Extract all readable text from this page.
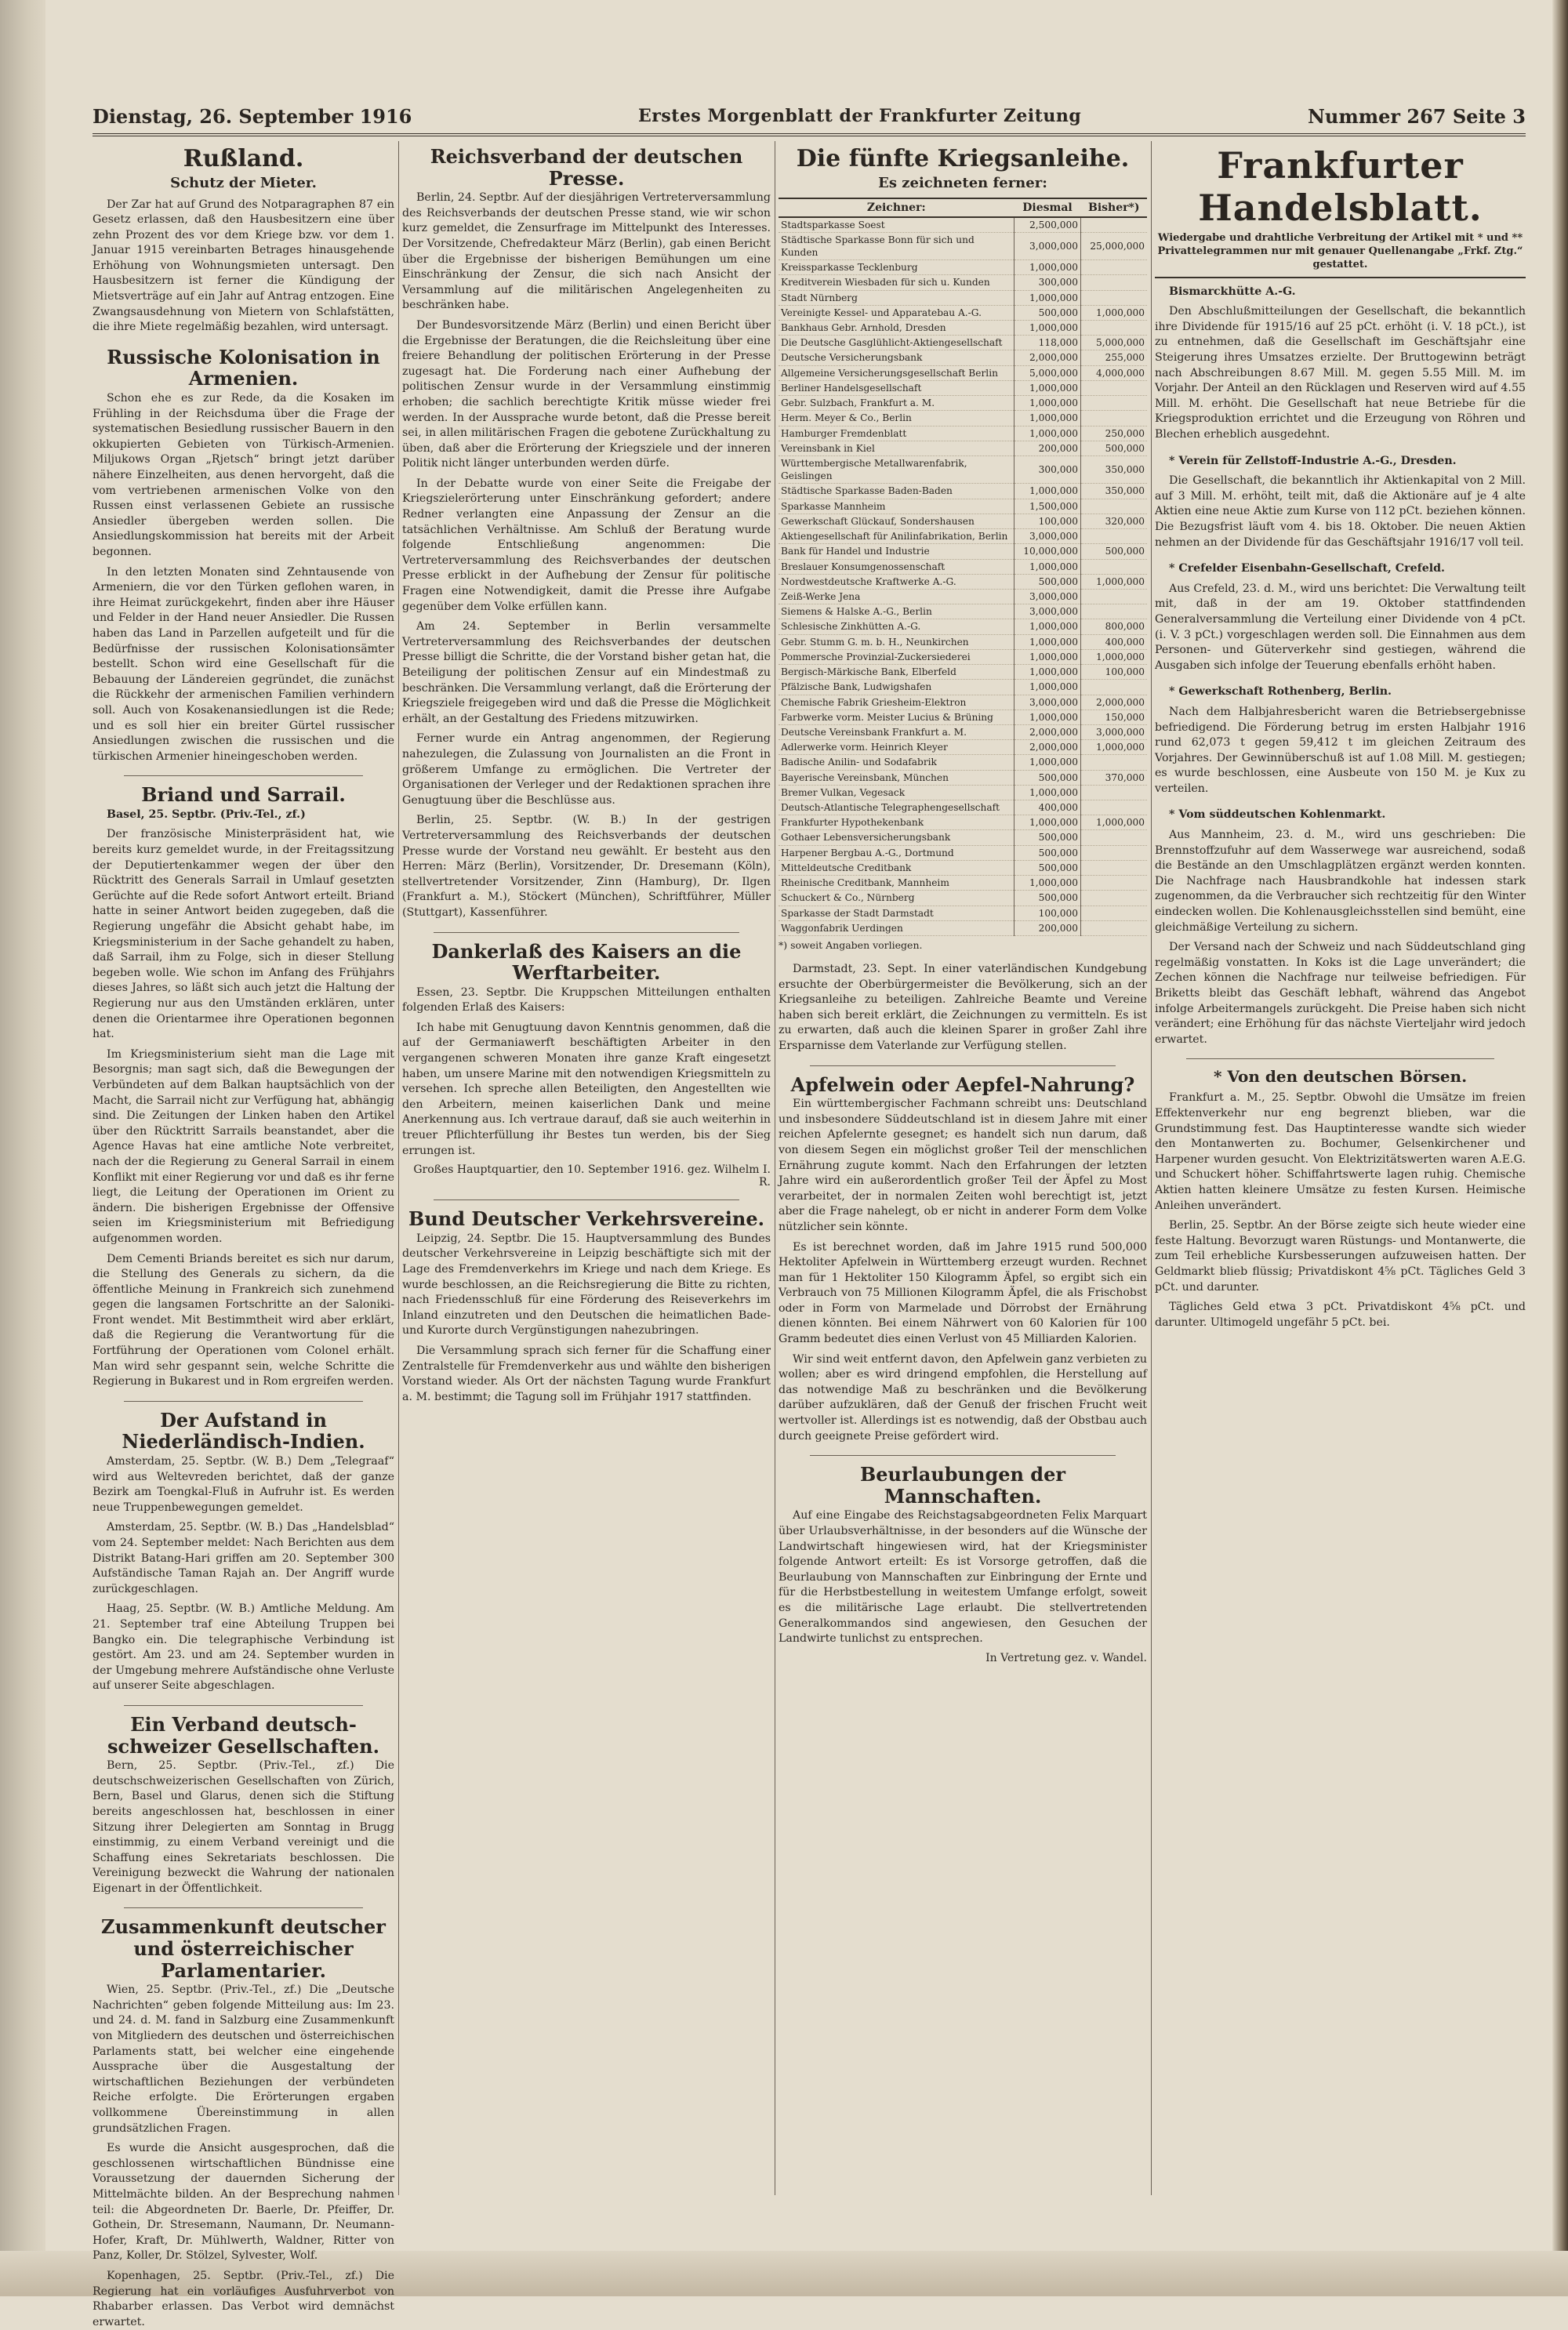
Dienstag, 26. September 1916	Erstes Morgenblatt der Frankfurter Zeitung	Nummer 267 Seite 3
Rußland.
Schutz der Mieter.

Der Zar hat auf Grund des Notparagraphen 87 ein Gesetz erlassen, daß den Hausbesitzern eine über zehn Prozent des vor dem Kriege bzw. vor dem 1. Januar 1915 vereinbarten Betrages hinausgehende Erhöhung von Wohnungsmieten untersagt. Den Hausbesitzern ist ferner die Kündigung der Mietsverträge auf ein Jahr auf Antrag entzogen. Eine Zwangsausdehnung von Mietern von Schlafstätten, die ihre Miete regelmäßig bezahlen, wird untersagt.

Russische Kolonisation in Armenien.

Schon ehe es zur Rede, da die Kosaken im Frühling in der Reichsduma über die Frage der systematischen Besiedlung russischer Bauern in den okkupierten Gebieten von Türkisch-Armenien. Miljukows Organ „Rjetsch“ bringt jetzt darüber nähere Einzelheiten, aus denen hervorgeht, daß die vom vertriebenen armenischen Volke von den Russen einst verlassenen Gebiete an russische Ansiedler übergeben werden sollen. Die Ansiedlungskommission hat bereits mit der Arbeit begonnen.

In den letzten Monaten sind Zehntausende von Armeniern, die vor den Türken geflohen waren, in ihre Heimat zurückgekehrt, finden aber ihre Häuser und Felder in der Hand neuer Ansiedler. Die Russen haben das Land in Parzellen aufgeteilt und für die Bedürfnisse der russischen Kolonisationsämter bestellt. Schon wird eine Gesellschaft für die Bebauung der Ländereien gegründet, die zunächst die Rückkehr der armenischen Familien verhindern soll. Auch von Kosakenansiedlungen ist die Rede; und es soll hier ein breiter Gürtel russischer Ansiedlungen zwischen die russischen und die türkischen Armenier hineingeschoben werden.

Briand und Sarrail.

Basel, 25. Septbr. (Priv.-Tel., zf.)

Der französische Ministerpräsident hat, wie bereits kurz gemeldet wurde, in der Freitagssitzung der Deputiertenkammer wegen der über den Rücktritt des Generals Sarrail in Umlauf gesetzten Gerüchte auf die Rede sofort Antwort erteilt. Briand hatte in seiner Antwort beiden zugegeben, daß die Regierung ungefähr die Absicht gehabt habe, im Kriegsministerium in der Sache gehandelt zu haben, daß Sarrail, ihm zu Folge, sich in dieser Stellung begeben wolle. Wie schon im Anfang des Frühjahrs dieses Jahres, so läßt sich auch jetzt die Haltung der Regierung nur aus den Umständen erklären, unter denen die Orientarmee ihre Operationen begonnen hat.

Im Kriegsministerium sieht man die Lage mit Besorgnis; man sagt sich, daß die Bewegungen der Verbündeten auf dem Balkan hauptsächlich von der Macht, die Sarrail nicht zur Verfügung hat, abhängig sind. Die Zeitungen der Linken haben den Artikel über den Rücktritt Sarrails beanstandet, aber die Agence Havas hat eine amtliche Note verbreitet, nach der die Regierung zu General Sarrail in einem Konflikt mit einer Regierung vor und daß es ihr ferne liegt, die Leitung der Operationen im Orient zu ändern. Die bisherigen Ergebnisse der Offensive seien im Kriegsministerium mit Befriedigung aufgenommen worden.

Dem Cementi Briands bereitet es sich nur darum, die Stellung des Generals zu sichern, da die öffentliche Meinung in Frankreich sich zunehmend gegen die langsamen Fortschritte an der Saloniki-Front wendet. Mit Bestimmtheit wird aber erklärt, daß die Regierung die Verantwortung für die Fortführung der Operationen vom Colonel erhält. Man wird sehr gespannt sein, welche Schritte die Regierung in Bukarest und in Rom ergreifen werden.

Der Aufstand in Niederländisch-Indien.

Amsterdam, 25. Septbr. (W. B.) Dem „Telegraaf“ wird aus Weltevreden berichtet, daß der ganze Bezirk am Toengkal-Fluß in Aufruhr ist. Es werden neue Truppenbewegungen gemeldet.

Amsterdam, 25. Septbr. (W. B.) Das „Handelsblad“ vom 24. September meldet: Nach Berichten aus dem Distrikt Batang-Hari griffen am 20. September 300 Aufständische Taman Rajah an. Der Angriff wurde zurückgeschlagen.

Haag, 25. Septbr. (W. B.) Amtliche Meldung. Am 21. September traf eine Abteilung Truppen bei Bangko ein. Die telegraphische Verbindung ist gestört. Am 23. und am 24. September wurden in der Umgebung mehrere Aufständische ohne Verluste auf unserer Seite abgeschlagen.

Ein Verband deutsch-schweizer Gesellschaften.

Bern, 25. Septbr. (Priv.-Tel., zf.) Die deutschschweizerischen Gesellschaften von Zürich, Bern, Basel und Glarus, denen sich die Stiftung bereits angeschlossen hat, beschlossen in einer Sitzung ihrer Delegierten am Sonntag in Brugg einstimmig, zu einem Verband vereinigt und die Schaffung eines Sekretariats beschlossen. Die Vereinigung bezweckt die Wahrung der nationalen Eigenart in der Öffentlichkeit.

Zusammenkunft deutscher und österreichischer Parlamentarier.

Wien, 25. Septbr. (Priv.-Tel., zf.) Die „Deutsche Nachrichten“ geben folgende Mitteilung aus: Im 23. und 24. d. M. fand in Salzburg eine Zusammenkunft von Mitgliedern des deutschen und österreichischen Parlaments statt, bei welcher eine eingehende Aussprache über die Ausgestaltung der wirtschaftlichen Beziehungen der verbündeten Reiche erfolgte. Die Erörterungen ergaben vollkommene Übereinstimmung in allen grundsätzlichen Fragen.

Es wurde die Ansicht ausgesprochen, daß die geschlossenen wirtschaftlichen Bündnisse eine Voraussetzung der dauernden Sicherung der Mittelmächte bilden. An der Besprechung nahmen teil: die Abgeordneten Dr. Baerle, Dr. Pfeiffer, Dr. Gothein, Dr. Stresemann, Naumann, Dr. Neumann-Hofer, Kraft, Dr. Mühlwerth, Waldner, Ritter von Panz, Koller, Dr. Stölzel, Sylvester, Wolf.

Kopenhagen, 25. Septbr. (Priv.-Tel., zf.) Die Regierung hat ein vorläufiges Ausfuhrverbot von Rhabarber erlassen. Das Verbot wird demnächst erwartet.

Reichsverband der deutschen Presse.

Berlin, 24. Septbr. Auf der diesjährigen Vertreterversammlung des Reichsverbands der deutschen Presse stand, wie wir schon kurz gemeldet, die Zensurfrage im Mittelpunkt des Interesses. Der Vorsitzende, Chefredakteur März (Berlin), gab einen Bericht über die Ergebnisse der bisherigen Bemühungen um eine Einschränkung der Zensur, die sich nach Ansicht der Versammlung auf die militärischen Angelegenheiten zu beschränken habe.

Der Bundesvorsitzende März (Berlin) und einen Bericht über die Ergebnisse der Beratungen, die die Reichsleitung über eine freiere Behandlung der politischen Erörterung in der Presse zugesagt hat. Die Forderung nach einer Aufhebung der politischen Zensur wurde in der Versammlung einstimmig erhoben; die sachlich berechtigte Kritik müsse wieder frei werden. In der Aussprache wurde betont, daß die Presse bereit sei, in allen militärischen Fragen die gebotene Zurückhaltung zu üben, daß aber die Erörterung der Kriegsziele und der inneren Politik nicht länger unterbunden werden dürfe.

In der Debatte wurde von einer Seite die Freigabe der Kriegszielerörterung unter Einschränkung gefordert; andere Redner verlangten eine Anpassung der Zensur an die tatsächlichen Verhältnisse. Am Schluß der Beratung wurde folgende Entschließung angenommen: Die Vertreterversammlung des Reichsverbandes der deutschen Presse erblickt in der Aufhebung der Zensur für politische Fragen eine Notwendigkeit, damit die Presse ihre Aufgabe gegenüber dem Volke erfüllen kann.

Am 24. September in Berlin versammelte Vertreterversammlung des Reichsverbandes der deutschen Presse billigt die Schritte, die der Vorstand bisher getan hat, die Beteiligung der politischen Zensur auf ein Mindestmaß zu beschränken. Die Versammlung verlangt, daß die Erörterung der Kriegsziele freigegeben wird und daß die Presse die Möglichkeit erhält, an der Gestaltung des Friedens mitzuwirken.

Ferner wurde ein Antrag angenommen, der Regierung nahezulegen, die Zulassung von Journalisten an die Front in größerem Umfange zu ermöglichen. Die Vertreter der Organisationen der Verleger und der Redaktionen sprachen ihre Genugtuung über die Beschlüsse aus.

Berlin, 25. Septbr. (W. B.) In der gestrigen Vertreterversammlung des Reichsverbands der deutschen Presse wurde der Vorstand neu gewählt. Er besteht aus den Herren: März (Berlin), Vorsitzender, Dr. Dresemann (Köln), stellvertretender Vorsitzender, Zinn (Hamburg), Dr. Ilgen (Frankfurt a. M.), Stöckert (München), Schriftführer, Müller (Stuttgart), Kassenführer.

Dankerlaß des Kaisers an die Werftarbeiter.

Essen, 23. Septbr. Die Kruppschen Mitteilungen enthalten folgenden Erlaß des Kaisers:

Ich habe mit Genugtuung davon Kenntnis genommen, daß die auf der Germaniawerft beschäftigten Arbeiter in den vergangenen schweren Monaten ihre ganze Kraft eingesetzt haben, um unsere Marine mit den notwendigen Kriegsmitteln zu versehen. Ich spreche allen Beteiligten, den Angestellten wie den Arbeitern, meinen kaiserlichen Dank und meine Anerkennung aus. Ich vertraue darauf, daß sie auch weiterhin in treuer Pflichterfüllung ihr Bestes tun werden, bis der Sieg errungen ist.

Großes Hauptquartier, den 10. September 1916. gez. Wilhelm I. R.
Bund Deutscher Verkehrsvereine.

Leipzig, 24. Septbr. Die 15. Hauptversammlung des Bundes deutscher Verkehrsvereine in Leipzig beschäftigte sich mit der Lage des Fremdenverkehrs im Kriege und nach dem Kriege. Es wurde beschlossen, an die Reichsregierung die Bitte zu richten, nach Friedensschluß für eine Förderung des Reiseverkehrs im Inland einzutreten und den Deutschen die heimatlichen Bade- und Kurorte durch Vergünstigungen nahezubringen.

Die Versammlung sprach sich ferner für die Schaffung einer Zentralstelle für Fremdenverkehr aus und wählte den bisherigen Vorstand wieder. Als Ort der nächsten Tagung wurde Frankfurt a. M. bestimmt; die Tagung soll im Frühjahr 1917 stattfinden.

Die fünfte Kriegsanleihe.
Es zeichneten ferner:
Zeichner:	Diesmal	Bisher*)
Stadtsparkasse Soest	2,500,000	
Städtische Sparkasse Bonn für sich und Kunden	3,000,000	25,000,000
Kreissparkasse Tecklenburg	1,000,000	
Kreditverein Wiesbaden für sich u. Kunden	300,000	
Stadt Nürnberg	1,000,000	
Vereinigte Kessel- und Apparatebau A.-G.	500,000	1,000,000
Bankhaus Gebr. Arnhold, Dresden	1,000,000	
Die Deutsche Gasglühlicht-Aktiengesellschaft	118,000	5,000,000
Deutsche Versicherungsbank	2,000,000	255,000
Allgemeine Versicherungsgesellschaft Berlin	5,000,000	4,000,000
Berliner Handelsgesellschaft	1,000,000	
Gebr. Sulzbach, Frankfurt a. M.	1,000,000	
Herm. Meyer & Co., Berlin	1,000,000	
Hamburger Fremdenblatt	1,000,000	250,000
Vereinsbank in Kiel	200,000	500,000
Württembergische Metallwarenfabrik, Geislingen	300,000	350,000
Städtische Sparkasse Baden-Baden	1,000,000	350,000
Sparkasse Mannheim	1,500,000	
Gewerkschaft Glückauf, Sondershausen	100,000	320,000
Aktiengesellschaft für Anilinfabrikation, Berlin	3,000,000	
Bank für Handel und Industrie	10,000,000	500,000
Breslauer Konsumgenossenschaft	1,000,000	
Nordwestdeutsche Kraftwerke A.-G.	500,000	1,000,000
Zeiß-Werke Jena	3,000,000	
Siemens & Halske A.-G., Berlin	3,000,000	
Schlesische Zinkhütten A.-G.	1,000,000	800,000
Gebr. Stumm G. m. b. H., Neunkirchen	1,000,000	400,000
Pommersche Provinzial-Zuckersiederei	1,000,000	1,000,000
Bergisch-Märkische Bank, Elberfeld	1,000,000	100,000
Pfälzische Bank, Ludwigshafen	1,000,000	
Chemische Fabrik Griesheim-Elektron	3,000,000	2,000,000
Farbwerke vorm. Meister Lucius & Brüning	1,000,000	150,000
Deutsche Vereinsbank Frankfurt a. M.	2,000,000	3,000,000
Adlerwerke vorm. Heinrich Kleyer	2,000,000	1,000,000
Badische Anilin- und Sodafabrik	1,000,000	
Bayerische Vereinsbank, München	500,000	370,000
Bremer Vulkan, Vegesack	1,000,000	
Deutsch-Atlantische Telegraphengesellschaft	400,000	
Frankfurter Hypothekenbank	1,000,000	1,000,000
Gothaer Lebensversicherungsbank	500,000	
Harpener Bergbau A.-G., Dortmund	500,000	
Mitteldeutsche Creditbank	500,000	
Rheinische Creditbank, Mannheim	1,000,000	
Schuckert & Co., Nürnberg	500,000	
Sparkasse der Stadt Darmstadt	100,000	
Waggonfabrik Uerdingen	200,000	
*) soweit Angaben vorliegen.

Darmstadt, 23. Sept. In einer vaterländischen Kundgebung ersuchte der Oberbürgermeister die Bevölkerung, sich an der Kriegsanleihe zu beteiligen. Zahlreiche Beamte und Vereine haben sich bereit erklärt, die Zeichnungen zu vermitteln. Es ist zu erwarten, daß auch die kleinen Sparer in großer Zahl ihre Ersparnisse dem Vaterlande zur Verfügung stellen.

Apfelwein oder Aepfel-Nahrung?

Ein württembergischer Fachmann schreibt uns: Deutschland und insbesondere Süddeutschland ist in diesem Jahre mit einer reichen Apfelernte gesegnet; es handelt sich nun darum, daß von diesem Segen ein möglichst großer Teil der menschlichen Ernährung zugute kommt. Nach den Erfahrungen der letzten Jahre wird ein außerordentlich großer Teil der Äpfel zu Most verarbeitet, der in normalen Zeiten wohl berechtigt ist, jetzt aber die Frage nahelegt, ob er nicht in anderer Form dem Volke nützlicher sein könnte.

Es ist berechnet worden, daß im Jahre 1915 rund 500,000 Hektoliter Apfelwein in Württemberg erzeugt wurden. Rechnet man für 1 Hektoliter 150 Kilogramm Äpfel, so ergibt sich ein Verbrauch von 75 Millionen Kilogramm Äpfel, die als Frischobst oder in Form von Marmelade und Dörrobst der Ernährung dienen könnten. Bei einem Nährwert von 60 Kalorien für 100 Gramm bedeutet dies einen Verlust von 45 Milliarden Kalorien.

Wir sind weit entfernt davon, den Apfelwein ganz verbieten zu wollen; aber es wird dringend empfohlen, die Herstellung auf das notwendige Maß zu beschränken und die Bevölkerung darüber aufzuklären, daß der Genuß der frischen Frucht weit wertvoller ist. Allerdings ist es notwendig, daß der Obstbau auch durch geeignete Preise gefördert wird.

Beurlaubungen der Mannschaften.

Auf eine Eingabe des Reichstagsabgeordneten Felix Marquart über Urlaubsverhältnisse, in der besonders auf die Wünsche der Landwirtschaft hingewiesen wird, hat der Kriegsminister folgende Antwort erteilt: Es ist Vorsorge getroffen, daß die Beurlaubung von Mannschaften zur Einbringung der Ernte und für die Herbstbestellung in weitestem Umfange erfolgt, soweit es die militärische Lage erlaubt. Die stellvertretenden Generalkommandos sind angewiesen, den Gesuchen der Landwirte tunlichst zu entsprechen.

In Vertretung gez. v. Wandel.
Frankfurter Handelsblatt.
Wiedergabe und drahtliche Verbreitung der Artikel mit * und ** Privattelegrammen nur mit genauer Quellenangabe „Frkf. Ztg.“ gestattet.

Bismarckhütte A.-G.

Den Abschlußmitteilungen der Gesellschaft, die bekanntlich ihre Dividende für 1915/16 auf 25 pCt. erhöht (i. V. 18 pCt.), ist zu entnehmen, daß die Gesellschaft im Geschäftsjahr eine Steigerung ihres Umsatzes erzielte. Der Bruttogewinn beträgt nach Abschreibungen 8.67 Mill. M. gegen 5.55 Mill. M. im Vorjahr. Der Anteil an den Rücklagen und Reserven wird auf 4.55 Mill. M. erhöht. Die Gesellschaft hat neue Betriebe für die Kriegsproduktion errichtet und die Erzeugung von Röhren und Blechen erheblich ausgedehnt.

* Verein für Zellstoff-Industrie A.-G., Dresden.

Die Gesellschaft, die bekanntlich ihr Aktienkapital von 2 Mill. auf 3 Mill. M. erhöht, teilt mit, daß die Aktionäre auf je 4 alte Aktien eine neue Aktie zum Kurse von 112 pCt. beziehen können. Die Bezugsfrist läuft vom 4. bis 18. Oktober. Die neuen Aktien nehmen an der Dividende für das Geschäftsjahr 1916/17 voll teil.

* Crefelder Eisenbahn-Gesellschaft, Crefeld.

Aus Crefeld, 23. d. M., wird uns berichtet: Die Verwaltung teilt mit, daß in der am 19. Oktober stattfindenden Generalversammlung die Verteilung einer Dividende von 4 pCt. (i. V. 3 pCt.) vorgeschlagen werden soll. Die Einnahmen aus dem Personen- und Güterverkehr sind gestiegen, während die Ausgaben sich infolge der Teuerung ebenfalls erhöht haben.

* Gewerkschaft Rothenberg, Berlin.

Nach dem Halbjahresbericht waren die Betriebsergebnisse befriedigend. Die Förderung betrug im ersten Halbjahr 1916 rund 62,073 t gegen 59,412 t im gleichen Zeitraum des Vorjahres. Der Gewinnüberschuß ist auf 1.08 Mill. M. gestiegen; es wurde beschlossen, eine Ausbeute von 150 M. je Kux zu verteilen.

* Vom süddeutschen Kohlenmarkt.

Aus Mannheim, 23. d. M., wird uns geschrieben: Die Brennstoffzufuhr auf dem Wasserwege war ausreichend, sodaß die Bestände an den Umschlagplätzen ergänzt werden konnten. Die Nachfrage nach Hausbrandkohle hat indessen stark zugenommen, da die Verbraucher sich rechtzeitig für den Winter eindecken wollen. Die Kohlenausgleichsstellen sind bemüht, eine gleichmäßige Verteilung zu sichern.

Der Versand nach der Schweiz und nach Süddeutschland ging regelmäßig vonstatten. In Koks ist die Lage unverändert; die Zechen können die Nachfrage nur teilweise befriedigen. Für Briketts bleibt das Geschäft lebhaft, während das Angebot infolge Arbeitermangels zurückgeht. Die Preise haben sich nicht verändert; eine Erhöhung für das nächste Vierteljahr wird jedoch erwartet.

* Von den deutschen Börsen.

Frankfurt a. M., 25. Septbr. Obwohl die Umsätze im freien Effektenverkehr nur eng begrenzt blieben, war die Grundstimmung fest. Das Hauptinteresse wandte sich wieder den Montanwerten zu. Bochumer, Gelsenkirchener und Harpener wurden gesucht. Von Elektrizitätswerten waren A.E.G. und Schuckert höher. Schiffahrtswerte lagen ruhig. Chemische Aktien hatten kleinere Umsätze zu festen Kursen. Heimische Anleihen unverändert.

Berlin, 25. Septbr. An der Börse zeigte sich heute wieder eine feste Haltung. Bevorzugt waren Rüstungs- und Montanwerte, die zum Teil erhebliche Kursbesserungen aufzuweisen hatten. Der Geldmarkt blieb flüssig; Privatdiskont 4⅝ pCt. Tägliches Geld 3 pCt. und darunter.

Tägliches Geld etwa 3 pCt. Privatdiskont 4⅝ pCt. und darunter. Ultimogeld ungefähr 5 pCt. bei.
